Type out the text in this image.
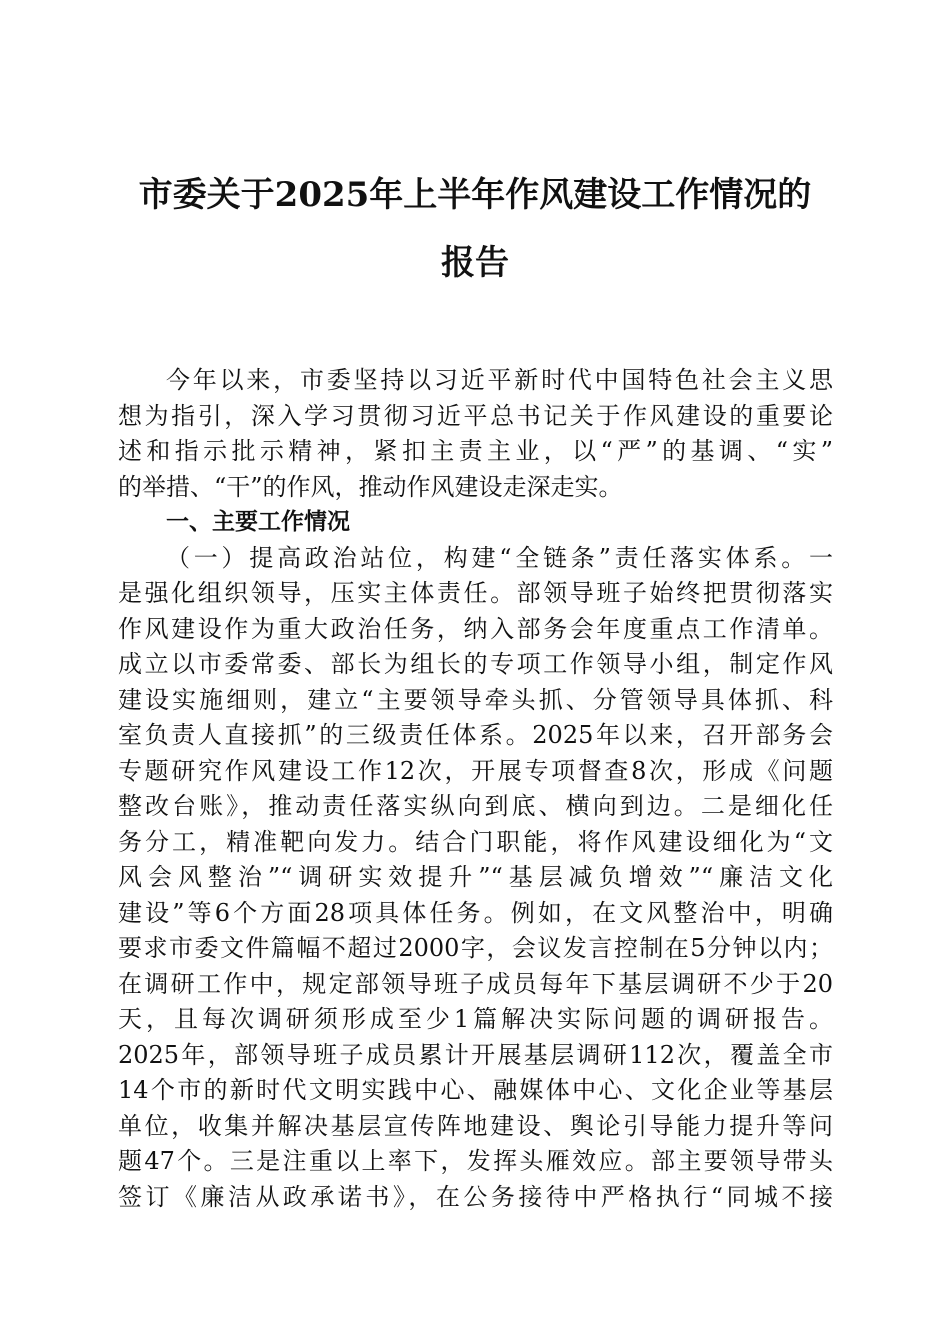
市委关于2025年上半年作风建设工作情况的
报告
今年以来，市委坚持以习近平新时代中国特色社会主义思
想为指引，深入学习贯彻习近平总书记关于作风建设的重要论
述和指示批示精神，紧扣主责主业，以“严”的基调、“实”
的举措、“干”的作风，推动作风建设走深走实。
一、主要工作情况
（一）提高政治站位，构建“全链条”责任落实体系。一
是强化组织领导，压实主体责任。部领导班子始终把贯彻落实
作风建设作为重大政治任务，纳入部务会年度重点工作清单。
成立以市委常委、部长为组长的专项工作领导小组，制定作风
建设实施细则，建立“主要领导牵头抓、分管领导具体抓、科
室负责人直接抓”的三级责任体系。2025年以来，召开部务会
专题研究作风建设工作12次，开展专项督查8次，形成《问题
整改台账》，推动责任落实纵向到底、横向到边。二是细化任
务分工，精准靶向发力。结合门职能，将作风建设细化为“文
风会风整治”“调研实效提升”“基层减负增效”“廉洁文化
建设”等6个方面28项具体任务。例如，在文风整治中，明确
要求市委文件篇幅不超过2000字，会议发言控制在5分钟以内；
在调研工作中，规定部领导班子成员每年下基层调研不少于20
天，且每次调研须形成至少1篇解决实际问题的调研报告。
2025年，部领导班子成员累计开展基层调研112次，覆盖全市
14个市的新时代文明实践中心、融媒体中心、文化企业等基层
单位，收集并解决基层宣传阵地建设、舆论引导能力提升等问
题47个。三是注重以上率下，发挥头雁效应。部主要领导带头
签订《廉洁从政承诺书》，在公务接待中严格执行“同城不接
